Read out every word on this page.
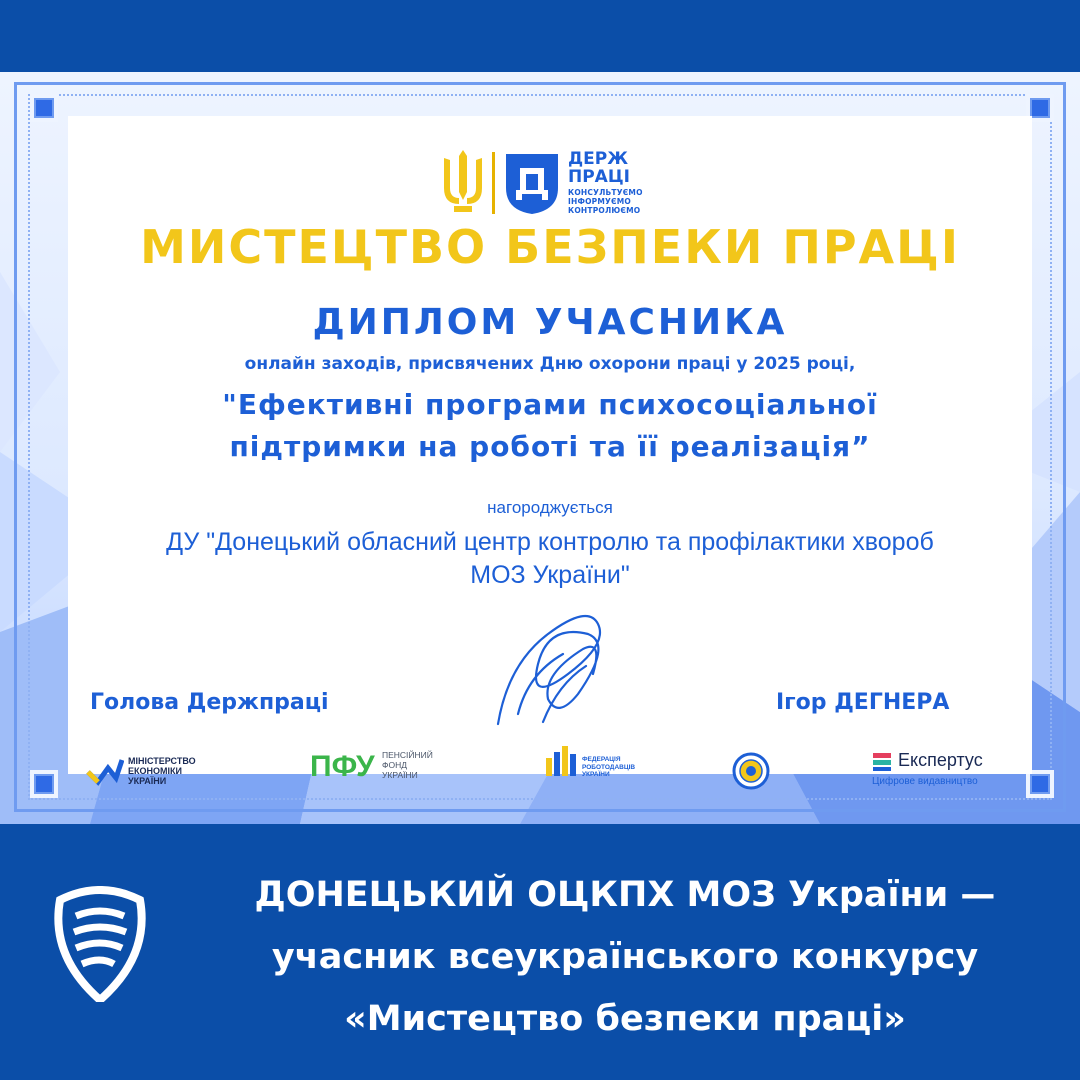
ДЕРЖ
ПРАЦІ
КОНСУЛЬТУЄМО
ІНФОРМУЄМО
КОНТРОЛЮЄМО
МИСТЕЦТВО БЕЗПЕКИ ПРАЦІ
ДИПЛОМ УЧАСНИКА
онлайн заходів, присвячених Дню охорони праці у 2025 році,
"Ефективні програми психосоціальної
підтримки на роботі та її реалізація”
нагороджується
ДУ "Донецький обласний центр контролю та профілактики хвороб
МОЗ України"
Голова Держпраці	Ігор ДЕГНЕРА
МІНІСТЕРСТВО
ЕКОНОМІКИ
УКРАЇНИ	ПФУ ПЕНСІЙНИЙ
ФОНД
УКРАЇНИ
ФЕДЕРАЦІЯ
РОБОТОДАВЦІВ
УКРАЇНИ
Експертус
Цифрове видавництво
ДОНЕЦЬКИЙ ОЦКПХ МОЗ України —
учасник всеукраїнського конкурсу
«Мистецтво безпеки праці»
